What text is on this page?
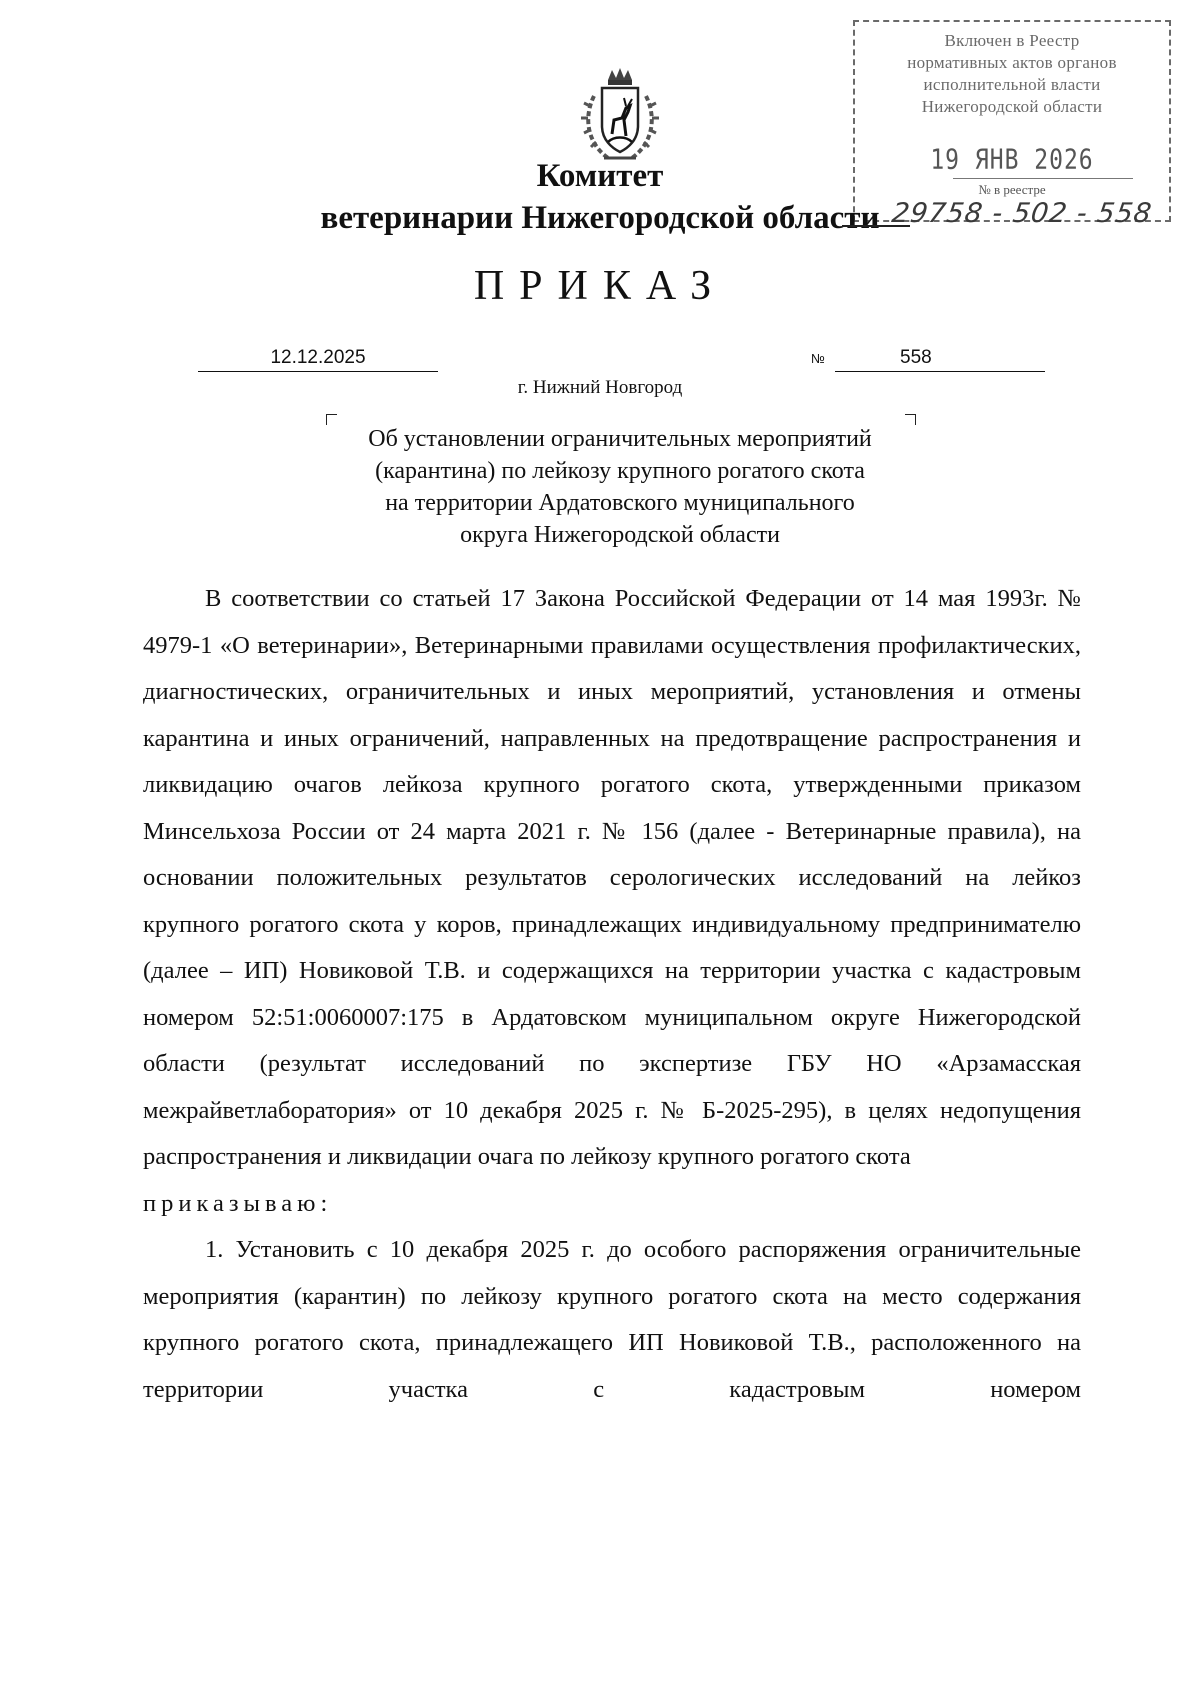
Включен в Реестр
нормативных актов органов
исполнительной власти
Нижегородской области
19 ЯНВ 2026
№ в реестре
29758 - 502 - 558
Комитет
ветеринарии Нижегородской области
ПРИКАЗ
12.12.2025	№	558
г. Нижний Новгород
Об установлении ограничительных мероприятий
(карантина) по лейкозу крупного рогатого скота
на территории Ардатовского муниципального
округа Нижегородской области

В соответствии со статьей 17 Закона Российской Федерации от 14 мая 1993г. № 4979-1 «О ветеринарии», Ветеринарными правилами осуществления профилактических, диагностических, ограничительных и иных мероприятий, установления и отмены карантина и иных ограничений, направленных на предотвращение распространения и ликвидацию очагов лейкоза крупного рогатого скота, утвержденными приказом Минсельхоза России от 24 марта 2021 г. № 156 (далее - Ветеринарные правила), на основании положительных результатов серологических исследований на лейкоз крупного рогатого скота у коров, принадлежащих индивидуальному предпринимателю (далее – ИП) Новиковой Т.В. и содержащихся на территории участка с кадастровым номером 52:51:0060007:175 в Ардатовском муниципальном округе Нижегородской области (результат исследований по экспертизе ГБУ НО «Арзамасская межрайветлаборатория» от 10 декабря 2025 г. № Б-2025-295), в целях недопущения распространения и ликвидации очага по лейкозу крупного рогатого скота

приказываю:

1. Установить с 10 декабря 2025 г. до особого распоряжения ограничительные мероприятия (карантин) по лейкозу крупного рогатого скота на место содержания крупного рогатого скота, принадлежащего ИП Новиковой Т.В., расположенного на территории участка с кадастровым номером
